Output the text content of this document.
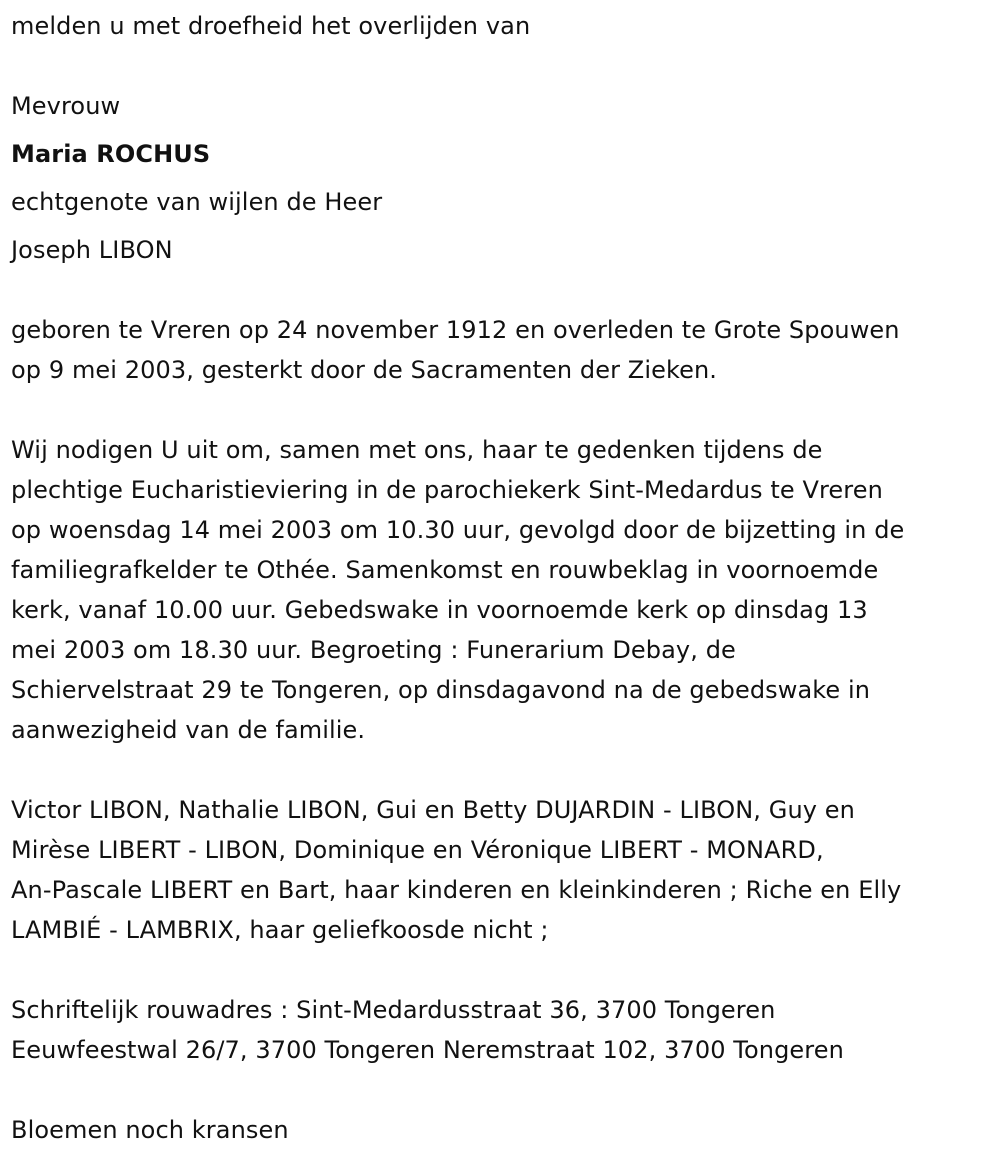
melden u met droefheid het overlijden van
Mevrouw
Maria ROCHUS
echtgenote van wijlen de Heer
Joseph LIBON
geboren te Vreren op 24 november 1912 en overleden te Grote Spouwen
op 9 mei 2003, gesterkt door de Sacramenten der Zieken.
Wij nodigen U uit om, samen met ons, haar te gedenken tijdens de
plechtige Eucharistieviering in de parochiekerk Sint-Medardus te Vreren
op woensdag 14 mei 2003 om 10.30 uur, gevolgd door de bijzetting in de
familiegrafkelder te Othée. Samenkomst en rouwbeklag in voornoemde
kerk, vanaf 10.00 uur. Gebedswake in voornoemde kerk op dinsdag 13
mei 2003 om 18.30 uur. Begroeting : Funerarium Debay, de
Schiervelstraat 29 te Tongeren, op dinsdagavond na de gebedswake in
aanwezigheid van de familie.
Victor LIBON, Nathalie LIBON, Gui en Betty DUJARDIN - LIBON, Guy en
Mirèse LIBERT - LIBON, Dominique en Véronique LIBERT - MONARD,
An-Pascale LIBERT en Bart, haar kinderen en kleinkinderen ; Riche en Elly
LAMBIÉ - LAMBRIX, haar geliefkoosde nicht ;
Schriftelijk rouwadres : Sint-Medardusstraat 36, 3700 Tongeren
Eeuwfeestwal 26/7, 3700 Tongeren Neremstraat 102, 3700 Tongeren
Bloemen noch kransen
